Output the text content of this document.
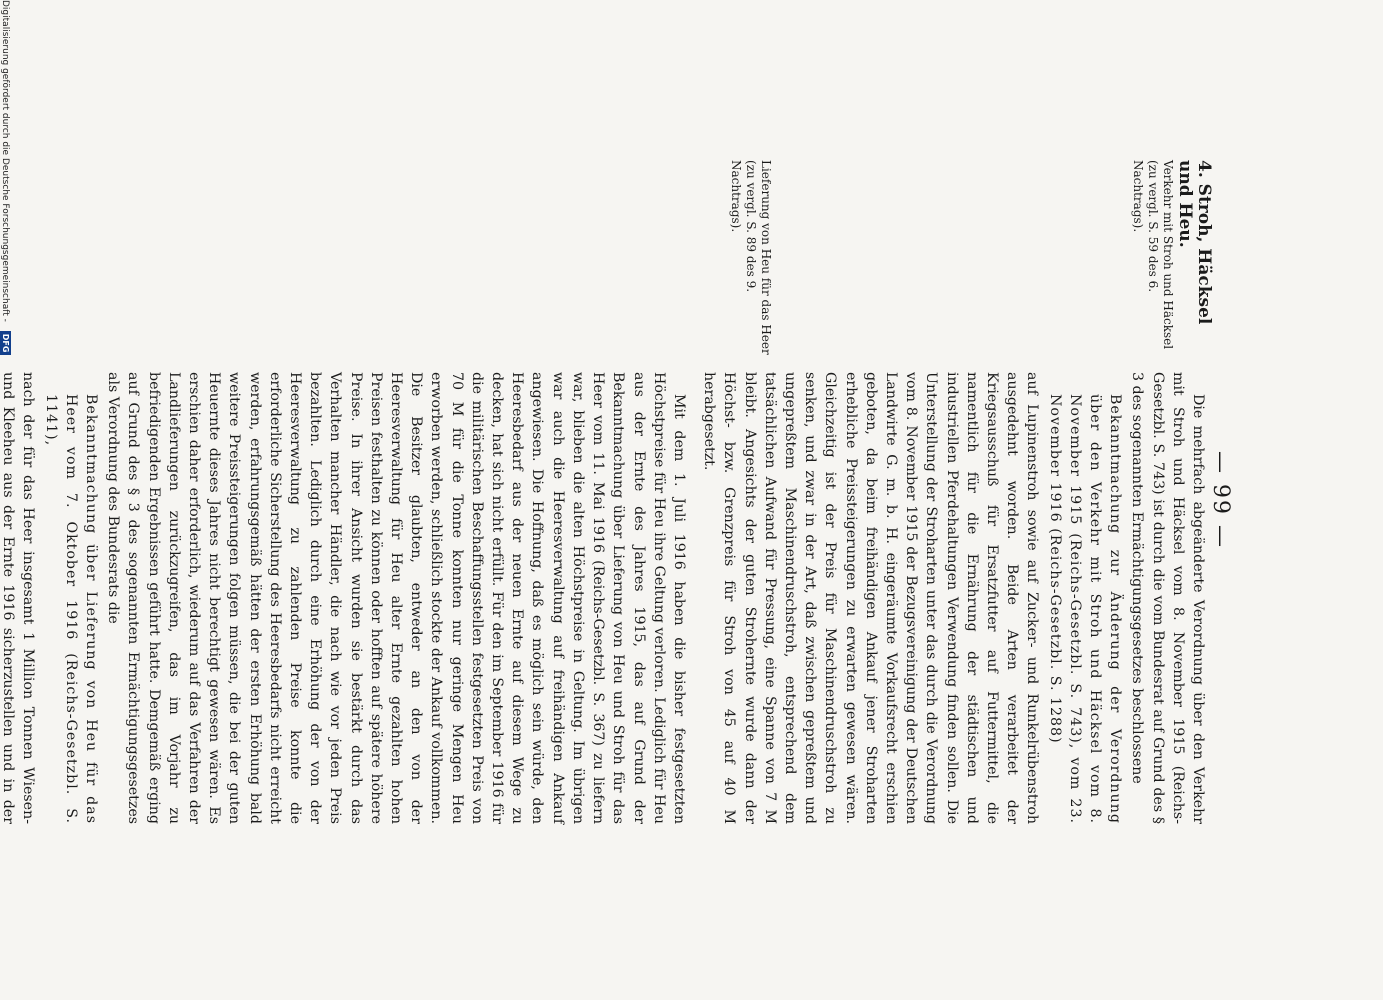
— 99 —
4. Stroh, Häcksel und Heu.
Verkehr mit Stroh und Häcksel
(zu vergl. S. 59 des 6. Nachtrags).
Lieferung von Heu für das Heer
(zu vergl. S. 89 des 9. Nachtrags).

Die mehrfach abgeänderte Verordnung über den Verkehr mit Stroh und Häcksel vom 8. November 1915 (Reichs-Gesetzbl. S. 743) ist durch die vom Bundesrat auf Grund des § 3 des sogenannten Ermächtigungsgesetzes beschlossene

Bekanntmachung zur Änderung der Verordnung über den Verkehr mit Stroh und Häcksel vom 8. November 1915 (Reichs-Gesetzbl. S. 743), vom 23. November 1916 (Reichs-Gesetzbl. S. 1288)

auf Lupinenstroh sowie auf Zucker- und Runkelrübenstroh ausgedehnt worden. Beide Arten verarbeitet der Kriegsausschuß für Ersatzfutter auf Futtermittel, die namentlich für die Ernährung der städtischen und industriellen Pferdehaltungen Verwendung finden sollen. Die Unterstellung der Stroharten unter das durch die Verordnung vom 8. November 1915 der Bezugsvereinigung der Deutschen Landwirte G. m. b. H. eingeräumte Vorkaufsrecht erschien geboten, da beim freihändigen Ankauf jener Stroharten erhebliche Preissteigerungen zu erwarten gewesen wären. Gleichzeitig ist der Preis für Maschinendruschstroh zu senken, und zwar in der Art, daß zwischen gepreßtem und ungepreßtem Maschinendruschstroh, entsprechend dem tatsächlichen Aufwand für Pressung, eine Spanne von 7 M bleibt. Angesichts der guten Strohernte wurde dann der Höchst- bzw. Grenzpreis für Stroh von 45 auf 40 M herabgesetzt.

Mit dem 1. Juli 1916 haben die bisher festgesetzten Höchstpreise für Heu ihre Geltung verloren. Lediglich für Heu aus der Ernte des Jahres 1915, das auf Grund der Bekanntmachung über Lieferung von Heu und Stroh für das Heer vom 11. Mai 1916 (Reichs-Gesetzbl. S. 367) zu liefern war, blieben die alten Höchstpreise in Geltung. Im übrigen war auch die Heeresverwaltung auf freihändigen Ankauf angewiesen. Die Hoffnung, daß es möglich sein würde, den Heeresbedarf aus der neuen Ernte auf diesem Wege zu decken, hat sich nicht erfüllt. Für den im September 1916 für die militärischen Beschaffungsstellen festgesetzten Preis von 70 M für die Tonne konnten nur geringe Mengen Heu erworben werden, schließlich stockte der Ankauf vollkommen. Die Besitzer glaubten, entweder an den von der Heeresverwaltung für Heu alter Ernte gezahlten hohen Preisen festhalten zu können oder hofften auf spätere höhere Preise. In ihrer Ansicht wurden sie bestärkt durch das Verhalten mancher Händler, die nach wie vor jeden Preis bezahlten. Lediglich durch eine Erhöhung der von der Heeresverwaltung zu zahlenden Preise konnte die erforderliche Sicherstellung des Heeresbedarfs nicht erreicht werden, erfahrungsgemäß hätten der ersten Erhöhung bald weitere Preissteigerungen folgen müssen, die bei der guten Heuernte dieses Jahres nicht berechtigt gewesen wären. Es erschien daher erforderlich, wiederum auf das Verfahren der Landlieferungen zurückzugreifen, das im Vorjahr zu befriedigenden Ergebnissen geführt hatte. Demgemäß erging auf Grund des § 3 des sogenannten Ermächtigungsgesetzes als Verordnung des Bundesrats die

Bekanntmachung über Lieferung von Heu für das Heer vom 7. Oktober 1916 (Reichs-Gesetzbl. S. 1141),

nach der für das Heer insgesamt 1 Million Tonnen Wiesen- und Kleeheu aus der Ernte 1916 sicherzustellen und in der

Digitalisierung gefördert durch die Deutsche Forschungsgemeinschaft - DFG
